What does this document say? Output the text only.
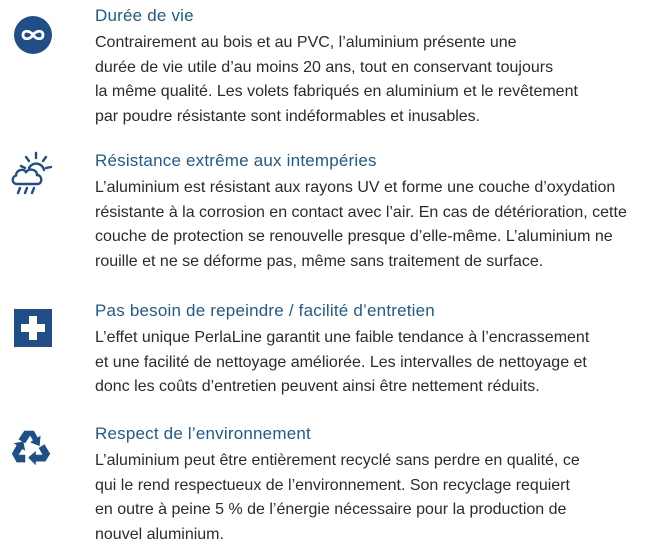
Durée de vie

Contrairement au bois et au PVC, l’aluminium présente une
durée de vie utile d’au moins 20 ans, tout en conservant toujours
la même qualité. Les volets fabriqués en aluminium et le revêtement
par poudre résistante sont indéformables et inusables.

Résistance extrême aux intempéries

L’aluminium est résistant aux rayons UV et forme une couche d’oxydation
résistante à la corrosion en contact avec l’air. En cas de détérioration, cette
couche de protection se renouvelle presque d’elle-même. L’aluminium ne
rouille et ne se déforme pas, même sans traitement de surface.

Pas besoin de repeindre / facilité d’entretien

L’effet unique PerlaLine garantit une faible tendance à l’encrassement
et une facilité de nettoyage améliorée. Les intervalles de nettoyage et
donc les coûts d’entretien peuvent ainsi être nettement réduits.

Respect de l’environnement

L’aluminium peut être entièrement recyclé sans perdre en qualité, ce
qui le rend respectueux de l’environnement. Son recyclage requiert
en outre à peine 5 % de l’énergie nécessaire pour la production de
nouvel aluminium.
